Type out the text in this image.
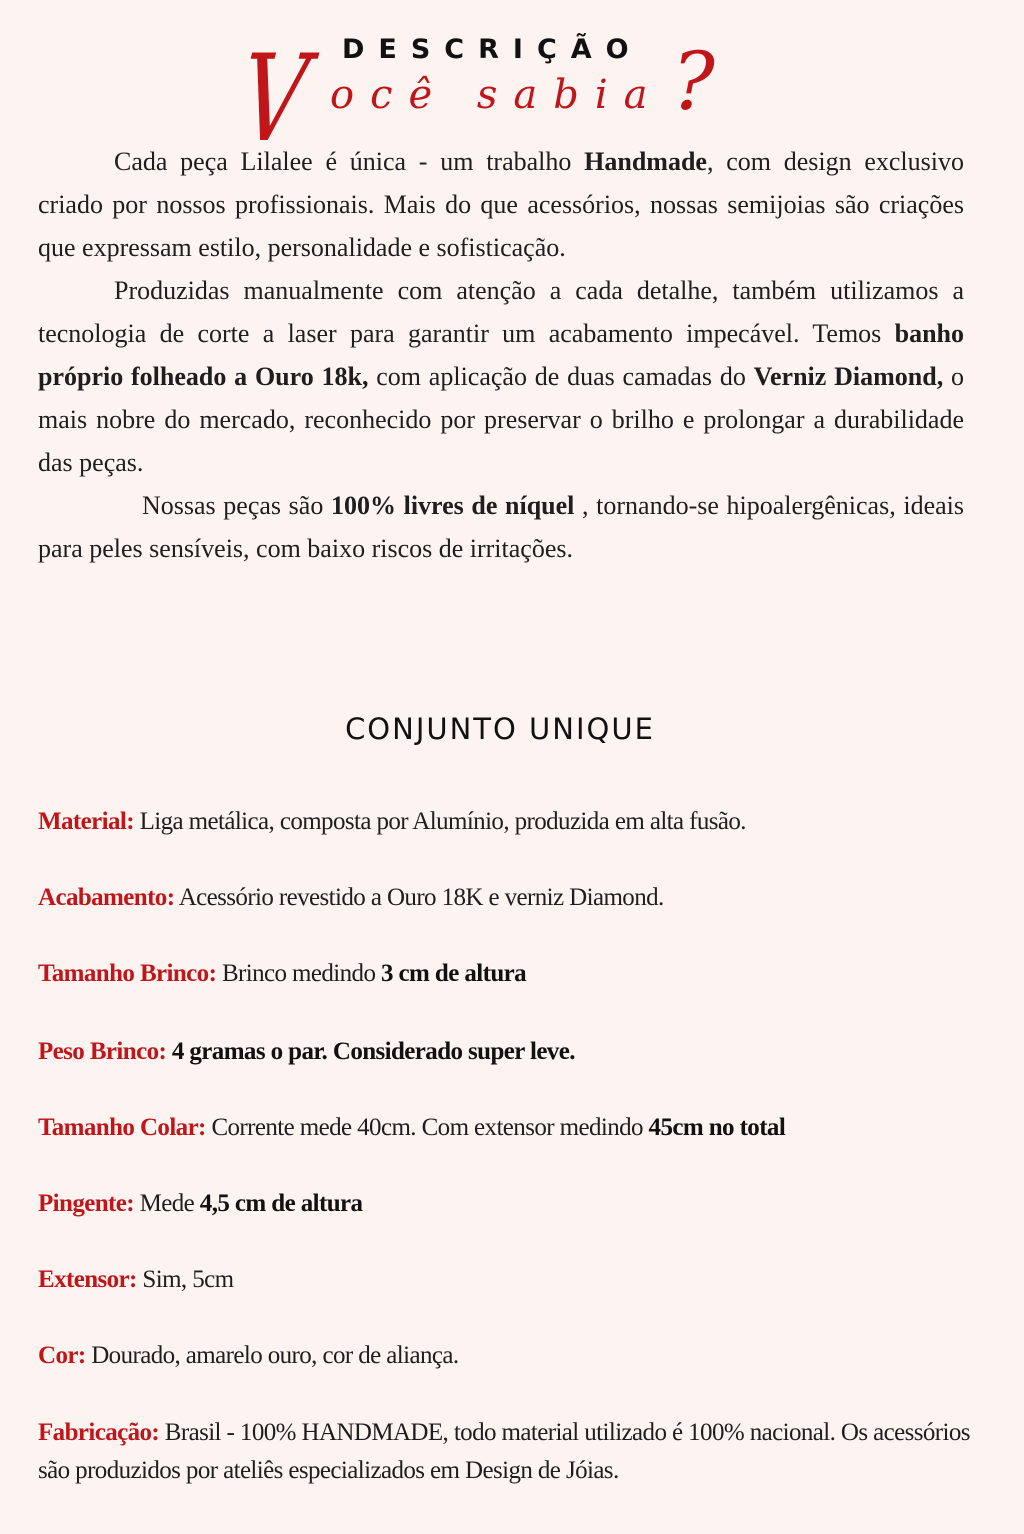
DESCRIÇÃO
V ocê sabia ?

Cada peça Lilalee é única - um trabalho Handmade, com design exclusivo criado por nossos profissionais. Mais do que acessórios, nossas semijoias são criações que expressam estilo, personalidade e sofisticação.

Produzidas manualmente com atenção a cada detalhe, também utilizamos a tecnologia de corte a laser para garantir um acabamento impecável. Temos banho próprio folheado a Ouro 18k, com aplicação de duas camadas do Verniz Diamond, o mais nobre do mercado, reconhecido por preservar o brilho e prolongar a durabilidade das peças.

Nossas peças são 100% livres de níquel , tornando-se hipoalergênicas, ideais para peles sensíveis, com baixo riscos de irritações.

CONJUNTO UNIQUE
Material: Liga metálica, composta por Alumínio, produzida em alta fusão.
Acabamento: Acessório revestido a Ouro 18K e verniz Diamond.
Tamanho Brinco: Brinco medindo 3 cm de altura
Peso Brinco: 4 gramas o par. Considerado super leve.
Tamanho Colar: Corrente mede 40cm. Com extensor medindo 45cm no total
Pingente: Mede 4,5 cm de altura
Extensor: Sim, 5cm
Cor: Dourado, amarelo ouro, cor de aliança.
Fabricação: Brasil - 100% HANDMADE, todo material utilizado é 100% nacional. Os acessórios são produzidos por ateliês especializados em Design de Jóias.
